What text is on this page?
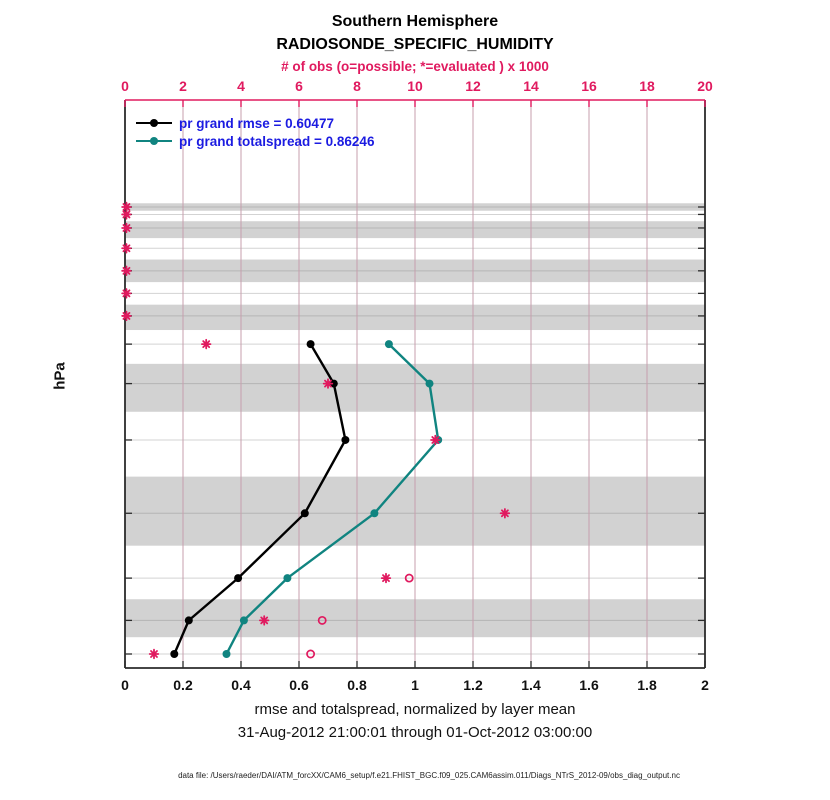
Southern Hemisphere
RADIOSONDE_SPECIFIC_HUMIDITY
# of obs (o=possible; *=evaluated ) x 1000
pr grand rmse = 0.60477
pr grand totalspread = 0.86246
hPa
rmse and totalspread, normalized by layer mean
31-Aug-2012 21:00:01 through 01-Oct-2012 03:00:00
data file: /Users/raeder/DAI/ATM_forcXX/CAM6_setup/f.e21.FHIST_BGC.f09_025.CAM6assim.011/Diags_NTrS_2012-09/obs_diag_output.nc
0	0.2	0.4	0.6	0.8	1	1.2	1.4	1.6	1.8	2
0	2	4	6	8	10	12	14	16	18	20
